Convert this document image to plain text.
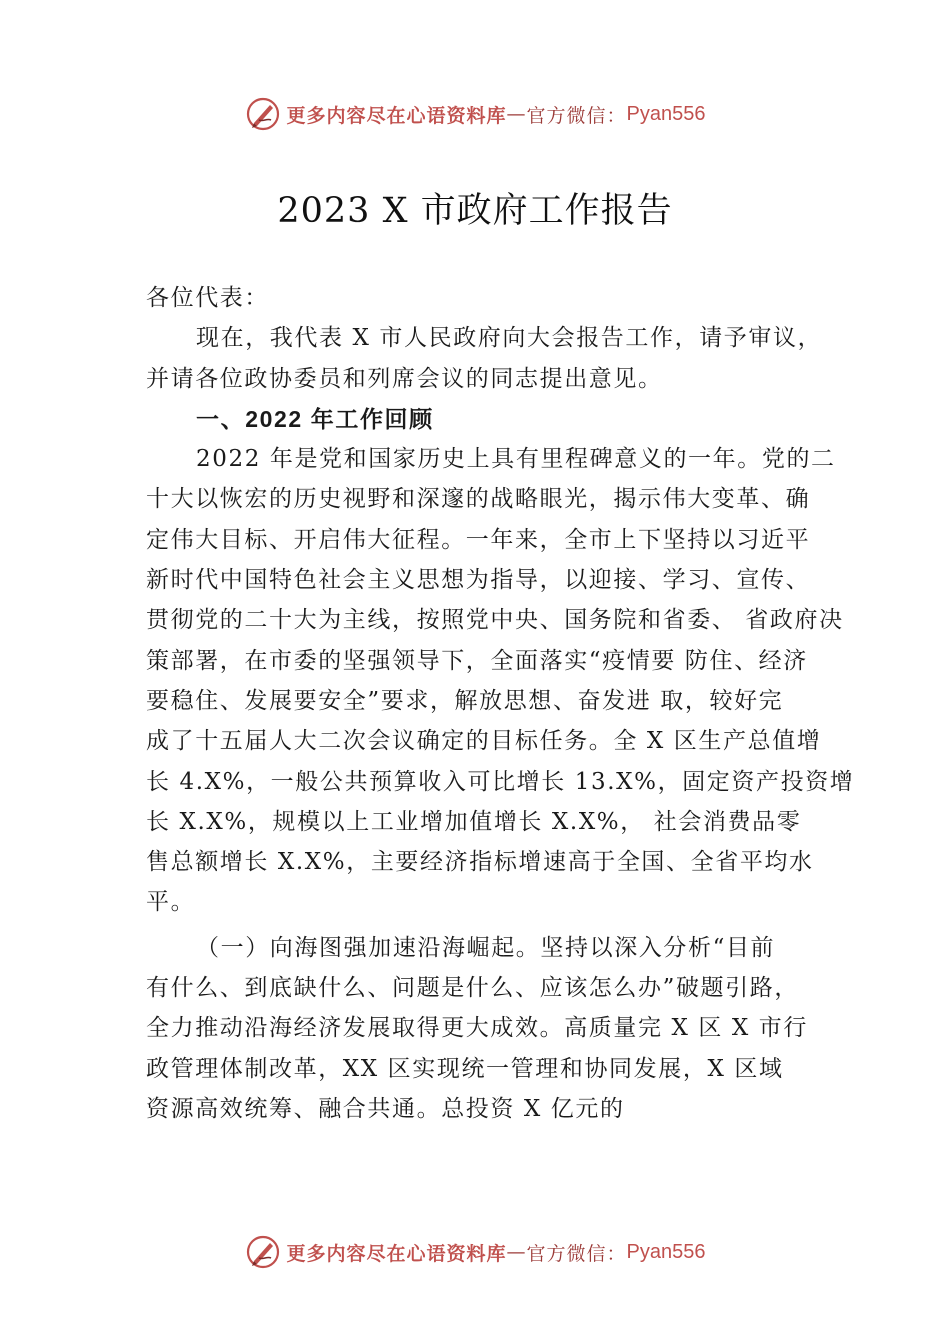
更多内容尽在心语资料库 — 官方微信： Pyan556
2023 X 市政府工作报告
各位代表：
现在，我代表 X 市人民政府向大会报告工作，请予审议，
并请各位政协委员和列席会议的同志提出意见。
一、2022 年工作回顾
2022 年是党和国家历史上具有里程碑意义的一年。党的二
十大以恢宏的历史视野和深邃的战略眼光，揭示伟大变革、确
定伟大目标、开启伟大征程。一年来，全市上下坚持以习近平
新时代中国特色社会主义思想为指导，以迎接、学习、宣传、
贯彻党的二十大为主线，按照党中央、国务院和省委、 省政府决
策部署，在市委的坚强领导下，全面落实“疫情要 防住、经济
要稳住、发展要安全”要求，解放思想、奋发进 取，较好完
成了十五届人大二次会议确定的目标任务。全 X 区生产总值增
长 4.X%，一般公共预算收入可比增长 13.X%，固定资产投资增
长 X.X%，规模以上工业增加值增长 X.X%， 社会消费品零
售总额增长 X.X%，主要经济指标增速高于全国、全省平均水
平。
（一）向海图强加速沿海崛起。坚持以深入分析“目前
有什么、到底缺什么、问题是什么、应该怎么办”破题引路，
全力推动沿海经济发展取得更大成效。高质量完 X 区 X 市行
政管理体制改革，XX 区实现统一管理和协同发展，X 区域
资源高效统筹、融合共通。总投资 X 亿元的
更多内容尽在心语资料库 — 官方微信： Pyan556
